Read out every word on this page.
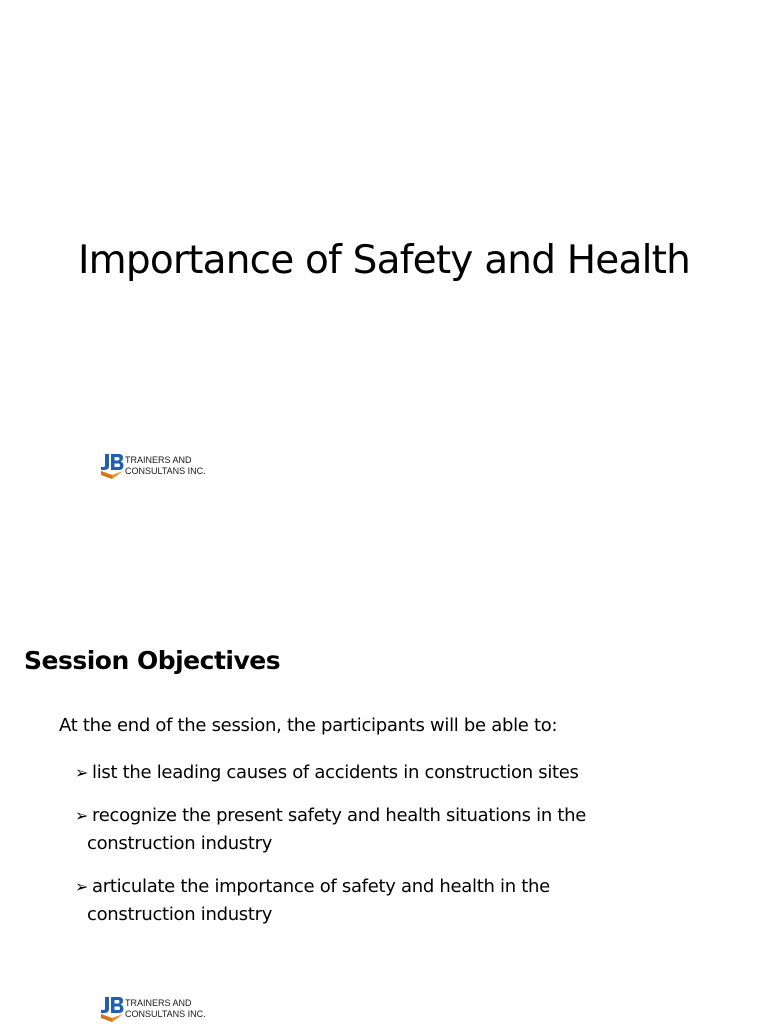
Importance of Safety and Health
TRAINERS AND
CONSULTANS INC.
Session Objectives

At the end of the session, the participants will be able to:

➢ list the leading causes of accidents in construction sites
➢ recognize the present safety and health situations in the
construction industry
➢ articulate the importance of safety and health in the
construction industry
TRAINERS AND
CONSULTANS INC.
